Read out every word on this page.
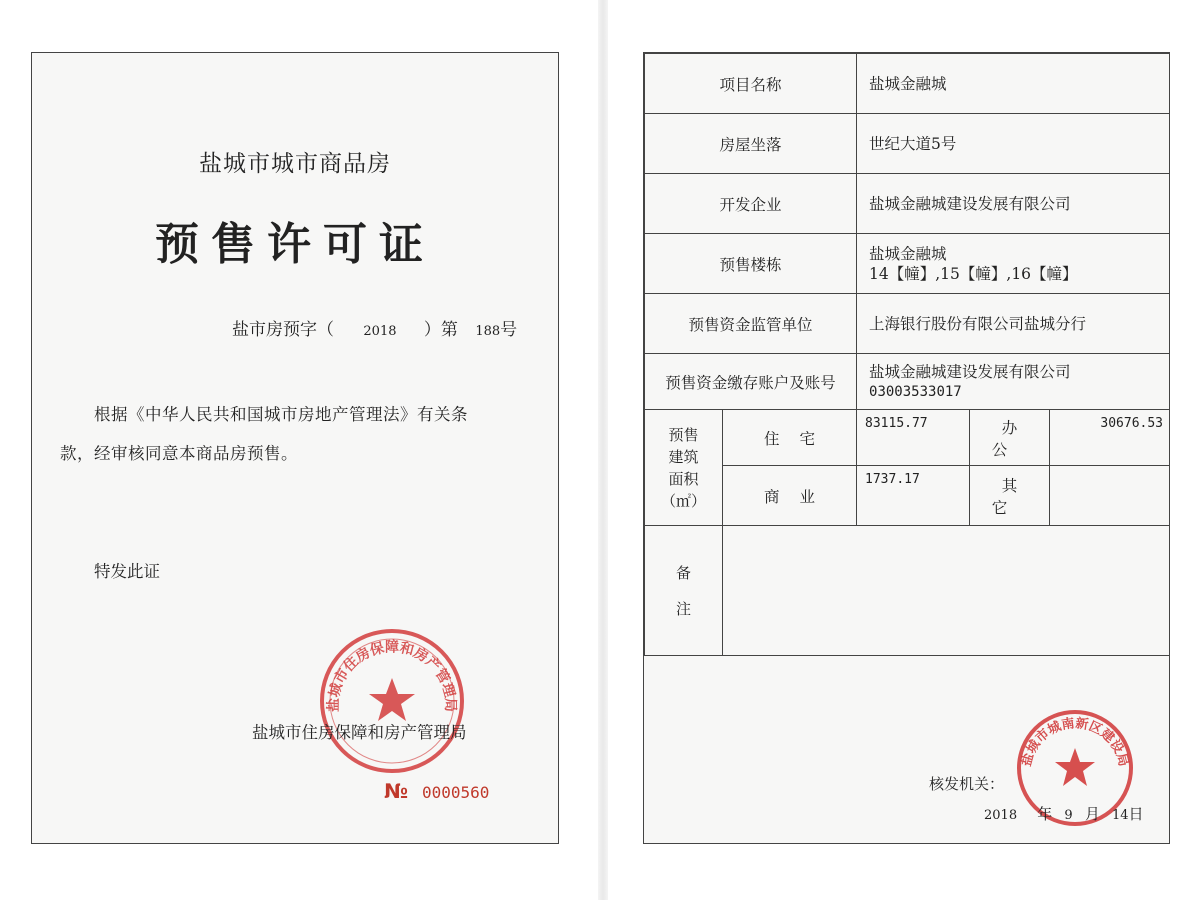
盐城市城市商品房
预售许可证
盐市房预字（ 2018 ）第 188号
根据《中华人民共和国城市房地产管理法》有关条
款，经审核同意本商品房预售。
特发此证
盐城市住房保障和房产管理局
盐城市住房保障和房产管理局
№ 0000560
项目名称		盐城金融城		
房屋坐落		世纪大道5号		
开发企业		盐城金融城建设发展有限公司		
预售楼栋		盐城金融城
14【幢】,15【幢】,16【幢】		

预售资金监管单位		上海银行股份有限公司盐城分行		
预售资金缴存账户及账号		盐城金融城建设发展有限公司
03003533017		

预售
建筑
面积
（㎡）	住宅	83115.77	办公	30676.53
	商业	1737.17	其它	

备
注				

盐城市城南新区建设局
核发机关：
2018 年 9 月 14日
